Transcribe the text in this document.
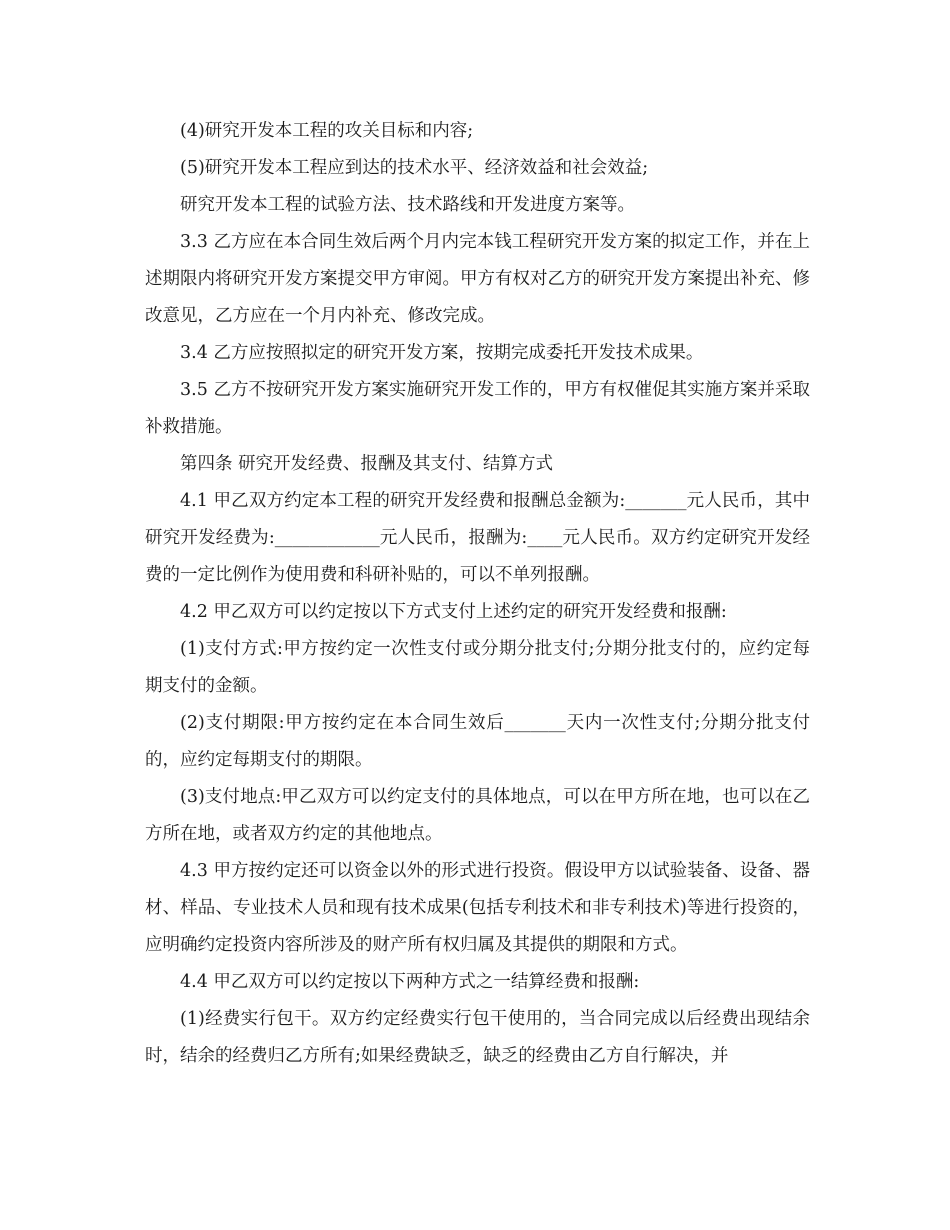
(4)研究开发本工程的攻关目标和内容;

(5)研究开发本工程应到达的技术水平、经济效益和社会效益;

研究开发本工程的试验方法、技术路线和开发进度方案等。

3.3 乙方应在本合同生效后两个月内完本钱工程研究开发方案的拟定工作，并在上述期限内将研究开发方案提交甲方审阅。甲方有权对乙方的研究开发方案提出补充、修改意见，乙方应在一个月内补充、修改完成。

3.4 乙方应按照拟定的研究开发方案，按期完成委托开发技术成果。

3.5 乙方不按研究开发方案实施研究开发工作的，甲方有权催促其实施方案并采取补救措施。

第四条 研究开发经费、报酬及其支付、结算方式

4.1 甲乙双方约定本工程的研究开发经费和报酬总金额为:_______元人民币，其中研究开发经费为:____________元人民币，报酬为:____元人民币。双方约定研究开发经费的一定比例作为使用费和科研补贴的，可以不单列报酬。

4.2 甲乙双方可以约定按以下方式支付上述约定的研究开发经费和报酬:

(1)支付方式:甲方按约定一次性支付或分期分批支付;分期分批支付的，应约定每期支付的金额。

(2)支付期限:甲方按约定在本合同生效后_______天内一次性支付;分期分批支付的，应约定每期支付的期限。

(3)支付地点:甲乙双方可以约定支付的具体地点，可以在甲方所在地，也可以在乙方所在地，或者双方约定的其他地点。

4.3 甲方按约定还可以资金以外的形式进行投资。假设甲方以试验装备、设备、器材、样品、专业技术人员和现有技术成果(包括专利技术和非专利技术)等进行投资的，应明确约定投资内容所涉及的财产所有权归属及其提供的期限和方式。

4.4 甲乙双方可以约定按以下两种方式之一结算经费和报酬:

(1)经费实行包干。双方约定经费实行包干使用的，当合同完成以后经费出现结余时，结余的经费归乙方所有;如果经费缺乏，缺乏的经费由乙方自行解决，并
